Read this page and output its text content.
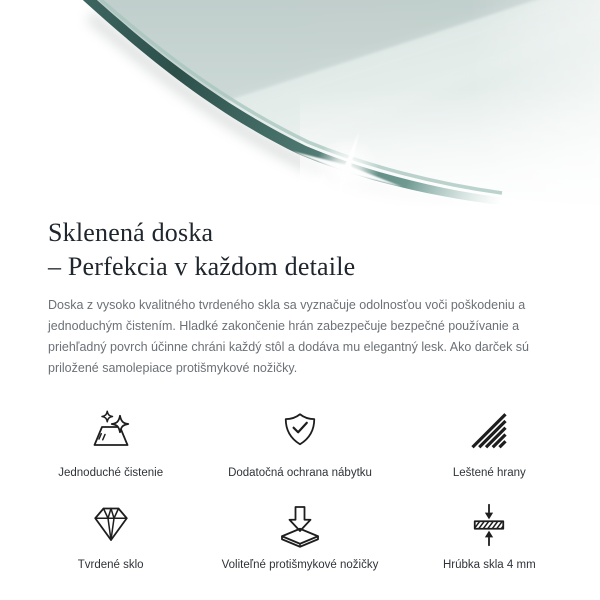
Sklenená doska
– Perfekcia v každom detaile

Doska z vysoko kvalitného tvrdeného skla sa vyznačuje odolnosťou voči poškodeniu a jednoduchým čistením. Hladké zakončenie hrán zabezpečuje bezpečné používanie a priehľadný povrch účinne chráni každý stôl a dodáva mu elegantný lesk. Ako darček sú priložené samolepiace protišmykové nožičky.

Jednoduché čistenie	Dodatočná ochrana nábytku	Leštené hrany
Tvrdené sklo	Voliteľné protišmykové nožičky	Hrúbka skla 4 mm
